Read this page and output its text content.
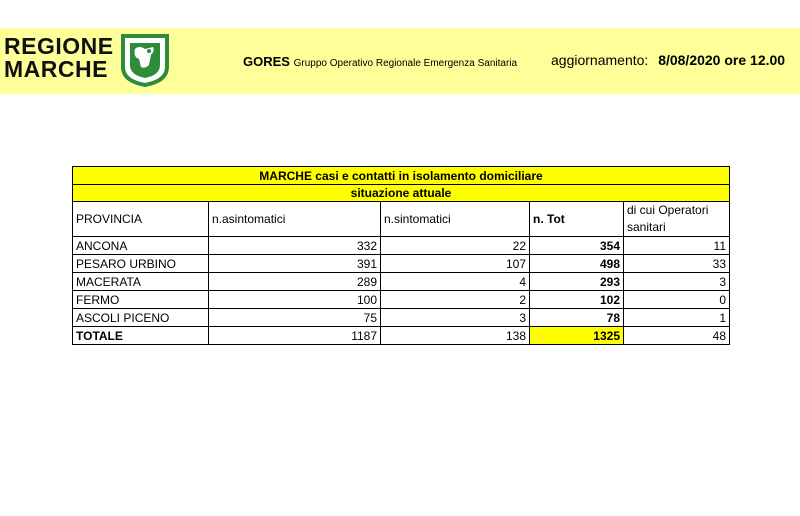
REGIONE
MARCHE	GORES Gruppo Operativo Regionale Emergenza Sanitaria aggiornamento: 8/08/2020 ore 12.00
MARCHE casi e contatti in isolamento domiciliare				
situazione attuale				
PROVINCIA	n.asintomatici	n.sintomatici	n. Tot	di cui Operatori sanitari
ANCONA	332	22	354	11
PESARO URBINO	391	107	498	33
MACERATA	289	4	293	3
FERMO	100	2	102	0
ASCOLI PICENO	75	3	78	1
TOTALE	1187	138	1325	48
